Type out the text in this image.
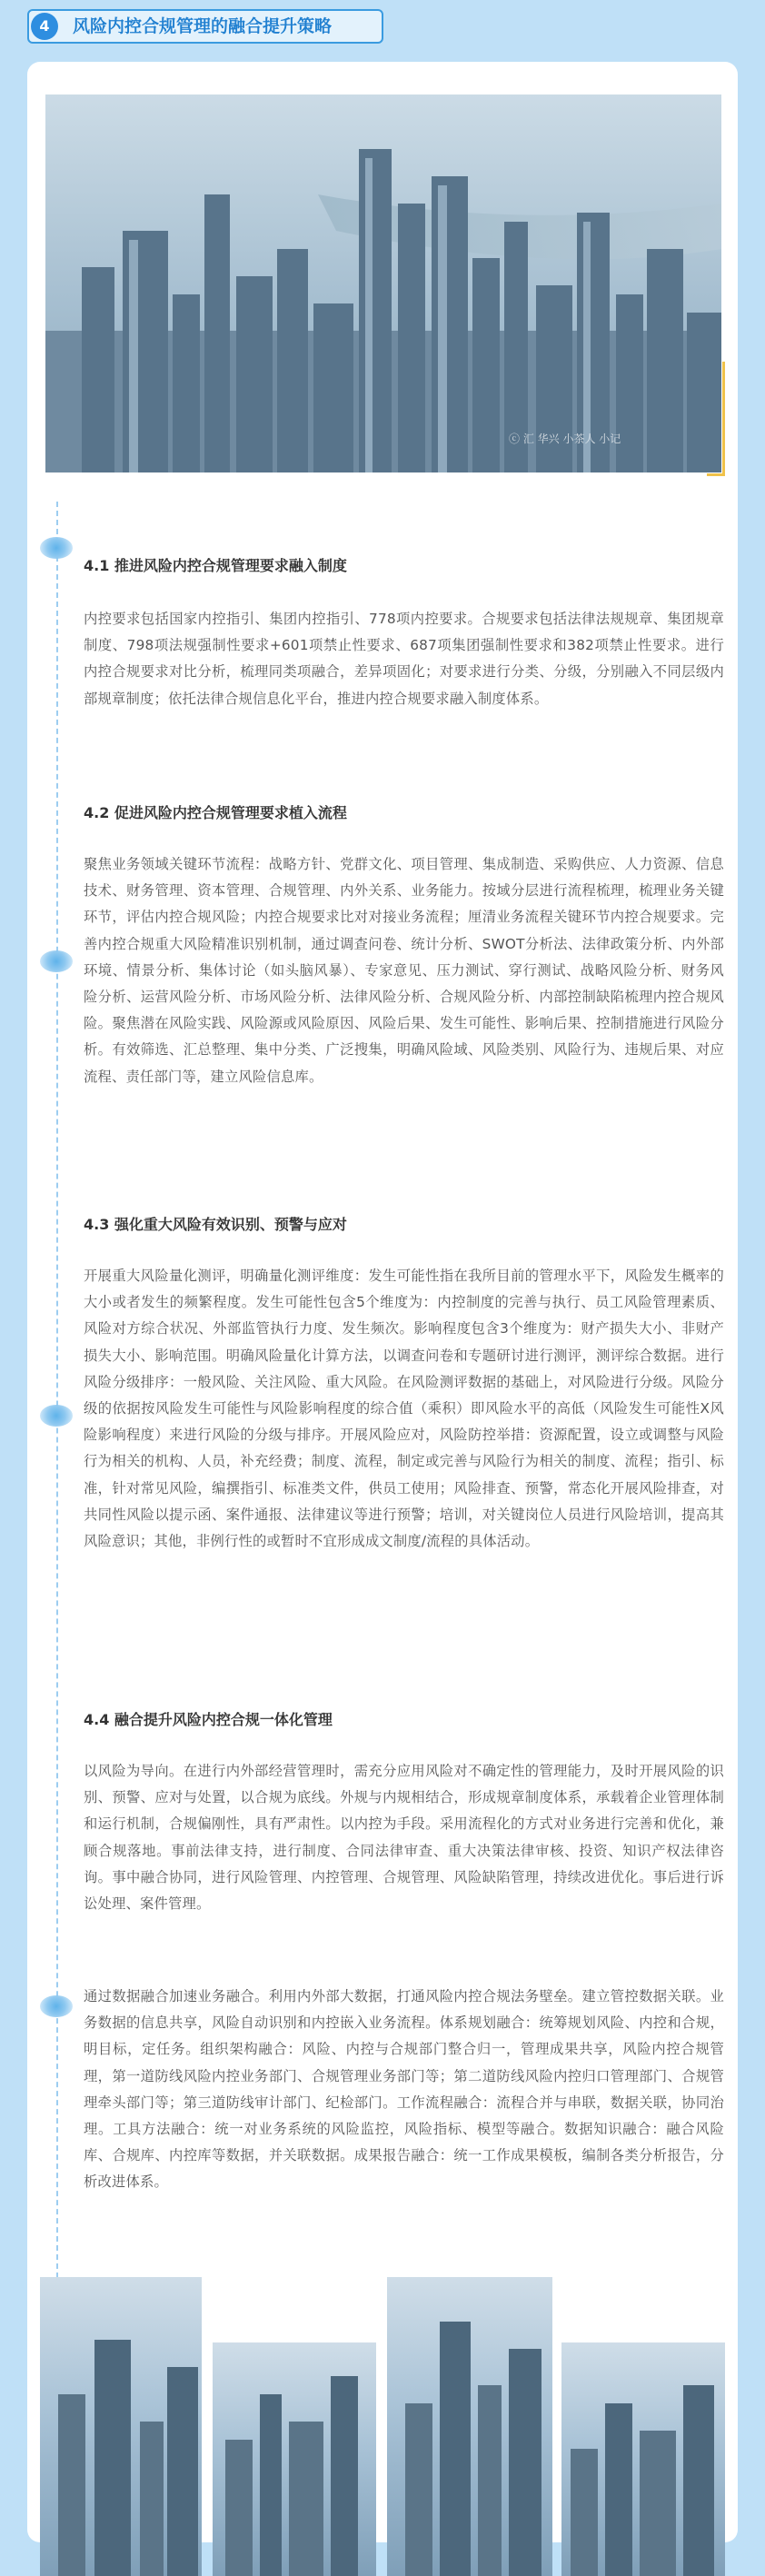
4	风险内控合规管理的融合提升策略
ⓒ 汇 华兴 小茶人 小记
4.1 推进风险内控合规管理要求融入制度

内控要求包括国家内控指引、集团内控指引、778项内控要求。合规要求包括法律法规规章、集团规章制度、798项法规强制性要求+601项禁止性要求、687项集团强制性要求和382项禁止性要求。进行内控合规要求对比分析，梳理同类项融合，差异项固化；对要求进行分类、分级，分别融入不同层级内部规章制度；依托法律合规信息化平台，推进内控合规要求融入制度体系。

4.2 促进风险内控合规管理要求植入流程

聚焦业务领域关键环节流程：战略方针、党群文化、项目管理、集成制造、采购供应、人力资源、信息技术、财务管理、资本管理、合规管理、内外关系、业务能力。按域分层进行流程梳理，梳理业务关键环节，评估内控合规风险；内控合规要求比对对接业务流程；厘清业务流程关键环节内控合规要求。完善内控合规重大风险精准识别机制，通过调查问卷、统计分析、SWOT分析法、法律政策分析、内外部环境、情景分析、集体讨论（如头脑风暴）、专家意见、压力测试、穿行测试、战略风险分析、财务风险分析、运营风险分析、市场风险分析、法律风险分析、合规风险分析、内部控制缺陷梳理内控合规风险。聚焦潜在风险实践、风险源或风险原因、风险后果、发生可能性、影响后果、控制措施进行风险分析。有效筛选、汇总整理、集中分类、广泛搜集，明确风险域、风险类别、风险行为、违规后果、对应流程、责任部门等，建立风险信息库。

4.3 强化重大风险有效识别、预警与应对

开展重大风险量化测评，明确量化测评维度：发生可能性指在我所目前的管理水平下，风险发生概率的大小或者发生的频繁程度。发生可能性包含5个维度为：内控制度的完善与执行、员工风险管理素质、风险对方综合状况、外部监管执行力度、发生频次。影响程度包含3个维度为：财产损失大小、非财产损失大小、影响范围。明确风险量化计算方法，以调查问卷和专题研讨进行测评，测评综合数据。进行风险分级排序：一般风险、关注风险、重大风险。在风险测评数据的基础上，对风险进行分级。风险分级的依据按风险发生可能性与风险影响程度的综合值（乘积）即风险水平的高低（风险发生可能性X风险影响程度）来进行风险的分级与排序。开展风险应对，风险防控举措：资源配置，设立或调整与风险行为相关的机构、人员，补充经费；制度、流程，制定或完善与风险行为相关的制度、流程；指引、标准，针对常见风险，编撰指引、标准类文件，供员工使用；风险排查、预警，常态化开展风险排查，对共同性风险以提示函、案件通报、法律建议等进行预警；培训，对关键岗位人员进行风险培训，提高其风险意识；其他，非例行性的或暂时不宜形成成文制度/流程的具体活动。

4.4 融合提升风险内控合规一体化管理

以风险为导向。在进行内外部经营管理时，需充分应用风险对不确定性的管理能力，及时开展风险的识别、预警、应对与处置，以合规为底线。外规与内规相结合，形成规章制度体系，承载着企业管理体制和运行机制，合规偏刚性，具有严肃性。以内控为手段。采用流程化的方式对业务进行完善和优化，兼顾合规落地。事前法律支持，进行制度、合同法律审查、重大决策法律审核、投资、知识产权法律咨询。事中融合协同，进行风险管理、内控管理、合规管理、风险缺陷管理，持续改进优化。事后进行诉讼处理、案件管理。

通过数据融合加速业务融合。利用内外部大数据，打通风险内控合规法务壁垒。建立管控数据关联。业务数据的信息共享，风险自动识别和内控嵌入业务流程。体系规划融合：统筹规划风险、内控和合规，明目标，定任务。组织架构融合：风险、内控与合规部门整合归一，管理成果共享，风险内控合规管理，第一道防线风险内控业务部门、合规管理业务部门等；第二道防线风险内控归口管理部门、合规管理牵头部门等；第三道防线审计部门、纪检部门。工作流程融合：流程合并与串联，数据关联，协同治理。工具方法融合：统一对业务系统的风险监控，风险指标、模型等融合。数据知识融合：融合风险库、合规库、内控库等数据，并关联数据。成果报告融合：统一工作成果模板，编制各类分析报告，分析改进体系。
